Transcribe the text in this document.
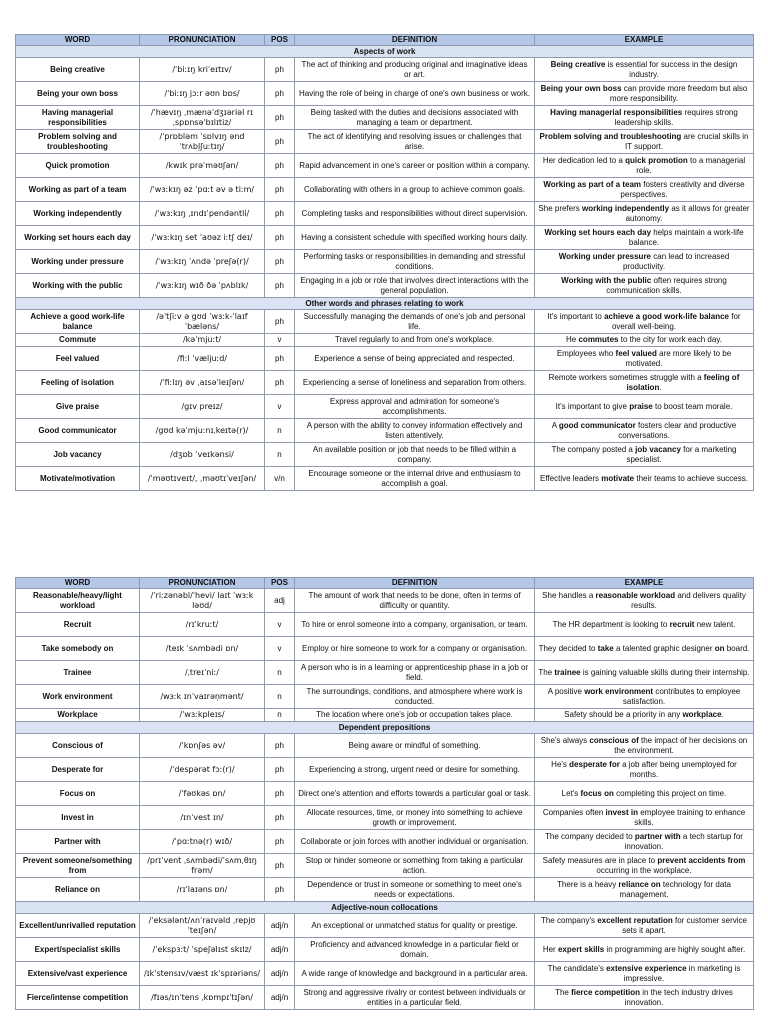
WORD	PRONUNCIATION	POS	DEFINITION	EXAMPLE
Aspects of work				
Being creative	/ˈbiːɪŋ kriˈeɪtɪv/	ph	The act of thinking and producing original and imaginative ideas or art.	Being creative is essential for success in the design industry.
Being your own boss	/ˈbiːɪŋ jɔːr əʊn bɒs/	ph	Having the role of being in charge of one's own business or work.	Being your own boss can provide more freedom but also more responsibility.
Having managerial responsibilities	/ˈhævɪŋ ˌmænəˈdʒɪəriəl rɪˌspɒnsəˈbɪlɪtiz/	ph	Being tasked with the duties and decisions associated with managing a team or department.	Having managerial responsibilities requires strong leadership skills.
Problem solving and troubleshooting	/ˈprɒbləm ˈsɒlvɪŋ ənd ˈtrʌbl̩ʃuːtɪŋ/	ph	The act of identifying and resolving issues or challenges that arise.	Problem solving and troubleshooting are crucial skills in IT support.
Quick promotion	/kwɪk prəˈməʊʃən/	ph	Rapid advancement in one's career or position within a company.	Her dedication led to a quick promotion to a managerial role.
Working as part of a team	/ˈwɜːkɪŋ əz ˈpɑːt əv ə tiːm/	ph	Collaborating with others in a group to achieve common goals.	Working as part of a team fosters creativity and diverse perspectives.
Working independently	/ˈwɜːkɪŋ ˌɪndɪˈpendəntli/	ph	Completing tasks and responsibilities without direct supervision.	She prefers working independently as it allows for greater autonomy.
Working set hours each day	/ˈwɜːkɪŋ set ˈaʊəz iːtʃ deɪ/	ph	Having a consistent schedule with specified working hours daily.	Working set hours each day helps maintain a work-life balance.
Working under pressure	/ˈwɜːkɪŋ ˈʌndə ˈpreʃə(r)/	ph	Performing tasks or responsibilities in demanding and stressful conditions.	Working under pressure can lead to increased productivity.
Working with the public	/ˈwɜːkɪŋ wɪð ðə ˈpʌblɪk/	ph	Engaging in a job or role that involves direct interactions with the general population.	Working with the public often requires strong communication skills.
Other words and phrases relating to work				
Achieve a good work-life balance	/əˈtʃiːv ə gʊd ˈwɜːk-ˈlaɪf ˈbæləns/	ph	Successfully managing the demands of one's job and personal life.	It's important to achieve a good work-life balance for overall well-being.
Commute	/kəˈmjuːt/	v	Travel regularly to and from one's workplace.	He commutes to the city for work each day.
Feel valued	/fiːl ˈvæljuːd/	ph	Experience a sense of being appreciated and respected.	Employees who feel valued are more likely to be motivated.
Feeling of isolation	/ˈfiːlɪŋ əv ˌaɪsəˈleɪʃən/	ph	Experiencing a sense of loneliness and separation from others.	Remote workers sometimes struggle with a feeling of isolation.
Give praise	/gɪv preɪz/	v	Express approval and admiration for someone's accomplishments.	It's important to give praise to boost team morale.
Good communicator	/gʊd kəˈmjuːnɪˌkeɪtə(r)/	n	A person with the ability to convey information effectively and listen attentively.	A good communicator fosters clear and productive conversations.
Job vacancy	/dʒɒb ˈveɪkənsi/	n	An available position or job that needs to be filled within a company.	The company posted a job vacancy for a marketing specialist.
Motivate/motivation	/ˈməʊtɪveɪt/, ˌməʊtɪˈveɪʃən/	v/n	Encourage someone or the internal drive and enthusiasm to accomplish a goal.	Effective leaders motivate their teams to achieve success.
WORD	PRONUNCIATION	POS	DEFINITION	EXAMPLE
Reasonable/heavy/light workload	/ˈriːzənəbl/ˈhevi/ laɪt ˈwɜːk ləʊd/	adj	The amount of work that needs to be done, often in terms of difficulty or quantity.	She handles a reasonable workload and delivers quality results.
Recruit	/rɪˈkruːt/	v	To hire or enrol someone into a company, organisation, or team.	The HR department is looking to recruit new talent.
Take somebody on	/teɪk ˈsʌmbədi ɒn/	v	Employ or hire someone to work for a company or organisation.	They decided to take a talented graphic designer on board.
Trainee	/ˌtreɪˈniː/	n	A person who is in a learning or apprenticeship phase in a job or field.	The trainee is gaining valuable skills during their internship.
Work environment	/wɜːk ɪnˈvaɪrən̩mənt/	n	The surroundings, conditions, and atmosphere where work is conducted.	A positive work environment contributes to employee satisfaction.
Workplace	/ˈwɜːkpleɪs/	n	The location where one's job or occupation takes place.	Safety should be a priority in any workplace.
Dependent prepositions				
Conscious of	/ˈkɒnʃəs əv/	ph	Being aware or mindful of something.	She's always conscious of the impact of her decisions on the environment.
Desperate for	/ˈdespərət fɔː(r)/	ph	Experiencing a strong, urgent need or desire for something.	He's desperate for a job after being unemployed for months.
Focus on	/ˈfəʊkəs ɒn/	ph	Direct one's attention and efforts towards a particular goal or task.	Let's focus on completing this project on time.
Invest in	/ɪnˈvest ɪn/	ph	Allocate resources, time, or money into something to achieve growth or improvement.	Companies often invest in employee training to enhance skills.
Partner with	/ˈpɑːtnə(r) wɪð/	ph	Collaborate or join forces with another individual or organisation.	The company decided to partner with a tech startup for innovation.
Prevent someone/something from	/prɪˈvent ˌsʌmbədi/ˈsʌmˌθɪŋ frəm/	ph	Stop or hinder someone or something from taking a particular action.	Safety measures are in place to prevent accidents from occurring in the workplace.
Reliance on	/rɪˈlaɪəns ɒn/	ph	Dependence or trust in someone or something to meet one's needs or expectations.	There is a heavy reliance on technology for data management.
Adjective-noun collocations				
Excellent/unrivalled reputation	/ˈeksələnt/ʌnˈraɪvəld ˌrepjʊˈteɪʃən/	adj/n	An exceptional or unmatched status for quality or prestige.	The company's excellent reputation for customer service sets it apart.
Expert/specialist skills	/ˈekspɜːt/ ˈspeʃəlɪst skɪlz/	adj/n	Proficiency and advanced knowledge in a particular field or domain.	Her expert skills in programming are highly sought after.
Extensive/vast experience	/ɪkˈstensɪv/væst ɪkˈspɪəriəns/	adj/n	A wide range of knowledge and background in a particular area.	The candidate's extensive experience in marketing is impressive.
Fierce/intense competition	/fɪəs/ɪnˈtens ˌkɒmpɪˈtɪʃən/	adj/n	Strong and aggressive rivalry or contest between individuals or entities in a particular field.	The fierce competition in the tech industry drives innovation.
